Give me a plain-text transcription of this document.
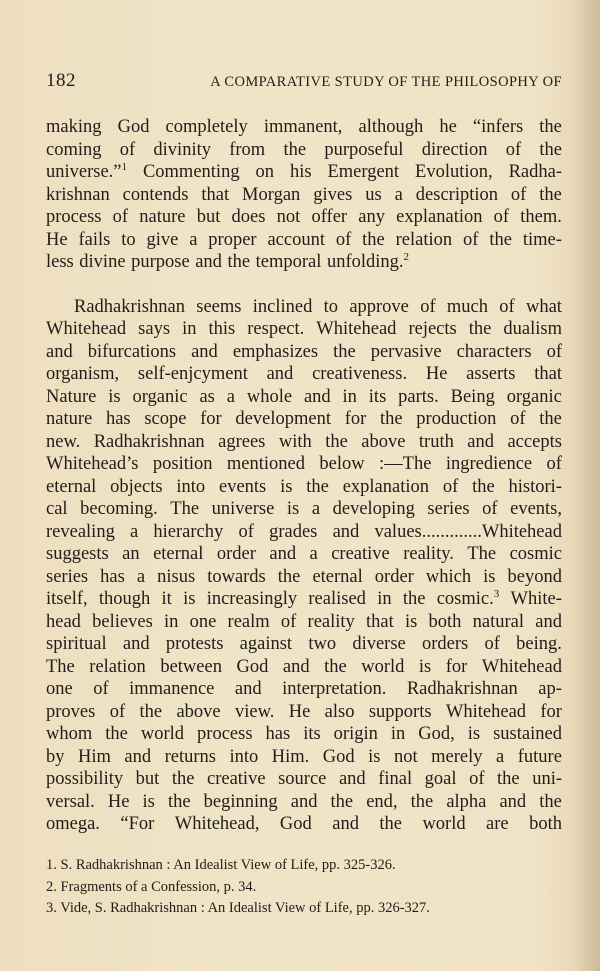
182	A COMPARATIVE STUDY OF THE PHILOSOPHY OF
making God completely immanent, although he “infers the
coming of divinity from the purposeful direction of the
universe.”$^1$ Commenting on his Emergent Evolution, Radha-
krishnan contends that Morgan gives us a description of the
process of nature but does not offer any explanation of them.
He fails to give a proper account of the relation of the time-
less divine purpose and the temporal unfolding.$^2$
Radhakrishnan seems inclined to approve of much of what
Whitehead says in this respect. Whitehead rejects the dualism
and bifurcations and emphasizes the pervasive characters of
organism, self-enjcyment and creativeness. He asserts that
Nature is organic as a whole and in its parts. Being organic
nature has scope for development for the production of the
new. Radhakrishnan agrees with the above truth and accepts
Whitehead’s position mentioned below :—The ingredience of
eternal objects into events is the explanation of the histori-
cal becoming. The universe is a developing series of events,
revealing a hierarchy of grades and values.............Whitehead
suggests an eternal order and a creative reality. The cosmic
series has a nisus towards the eternal order which is beyond
itself, though it is increasingly realised in the cosmic.$^3$ White-
head believes in one realm of reality that is both natural and
spiritual and protests against two diverse orders of being.
The relation between God and the world is for Whitehead
one of immanence and interpretation. Radhakrishnan ap-
proves of the above view. He also supports Whitehead for
whom the world process has its origin in God, is sustained
by Him and returns into Him. God is not merely a future
possibility but the creative source and final goal of the uni-
versal. He is the beginning and the end, the alpha and the
omega. “For Whitehead, God and the world are both
1. S. Radhakrishnan : An Idealist View of Life, pp. 325-326.
2. Fragments of a Confession, p. 34.
3. Vide, S. Radhakrishnan : An Idealist View of Life, pp. 326-327.
